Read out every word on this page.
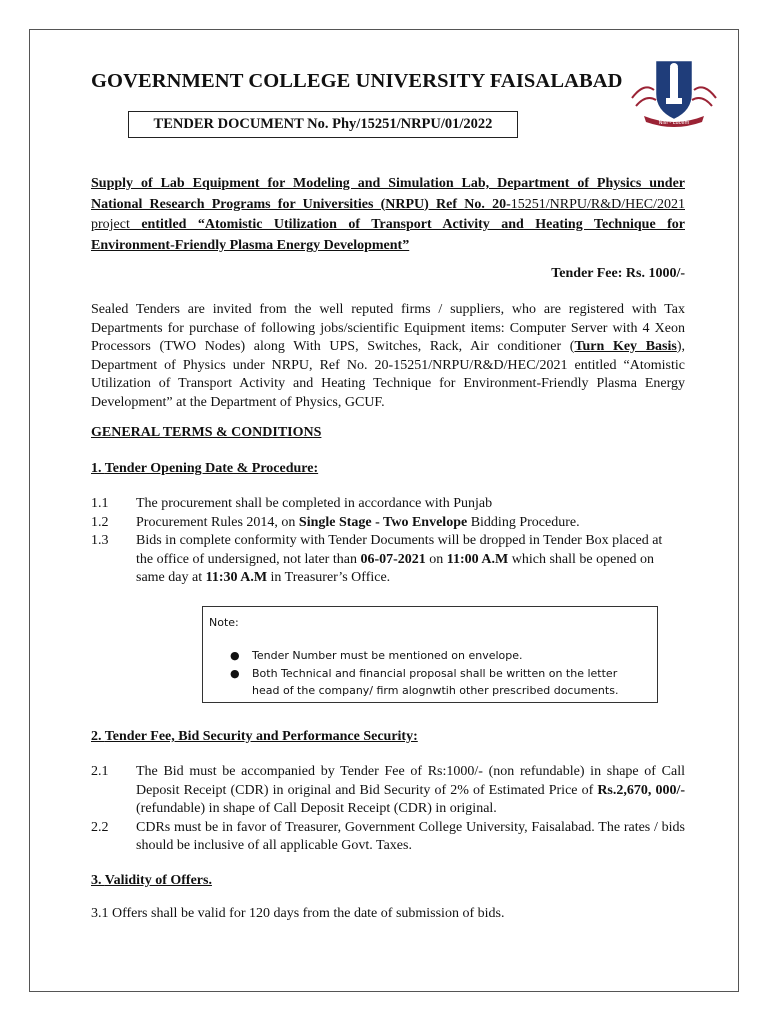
GOVERNMENT COLLEGE UNIVERSITY FAISALABAD
Nisi - Lucem
TENDER DOCUMENT No. Phy/15251/NRPU/01/2022
Supply of Lab Equipment for Modeling and Simulation Lab, Department of Physics under National Research Programs for Universities (NRPU) Ref No. 20-15251/NRPU/R&D/HEC/2021 project entitled “Atomistic Utilization of Transport Activity and Heating Technique for Environment-Friendly Plasma Energy Development”
Tender Fee: Rs. 1000/-
Sealed Tenders are invited from the well reputed firms / suppliers, who are registered with Tax Departments for purchase of following jobs/scientific Equipment items: Computer Server with 4 Xeon Processors (TWO Nodes) along With UPS, Switches, Rack, Air conditioner (Turn Key Basis), Department of Physics under NRPU, Ref No. 20-15251/NRPU/R&D/HEC/2021 entitled “Atomistic Utilization of Transport Activity and Heating Technique for Environment-Friendly Plasma Energy Development” at the Department of Physics, GCUF.
GENERAL TERMS & CONDITIONS
1. Tender Opening Date & Procedure:
1.1	The procurement shall be completed in accordance with Punjab
1.2	Procurement Rules 2014, on Single Stage - Two Envelope Bidding Procedure.
1.3	Bids in complete conformity with Tender Documents will be dropped in Tender Box placed at the office of undersigned, not later than 06-07-2021 on 11:00 A.M which shall be opened on same day at 11:30 A.M in Treasurer’s Office.
Note:
● Tender Number must be mentioned on envelope.
● Both Technical and financial proposal shall be written on the letter head of the company/ firm alognwtih other prescribed documents.
2. Tender Fee, Bid Security and Performance Security:
2.1	The Bid must be accompanied by Tender Fee of Rs:1000/- (non refundable) in shape of Call Deposit Receipt (CDR) in original and Bid Security of 2% of Estimated Price of Rs.2,670, 000/- (refundable) in shape of Call Deposit Receipt (CDR) in original.
2.2	CDRs must be in favor of Treasurer, Government College University, Faisalabad. The rates / bids should be inclusive of all applicable Govt. Taxes.
3. Validity of Offers.
3.1 Offers shall be valid for 120 days from the date of submission of bids.
